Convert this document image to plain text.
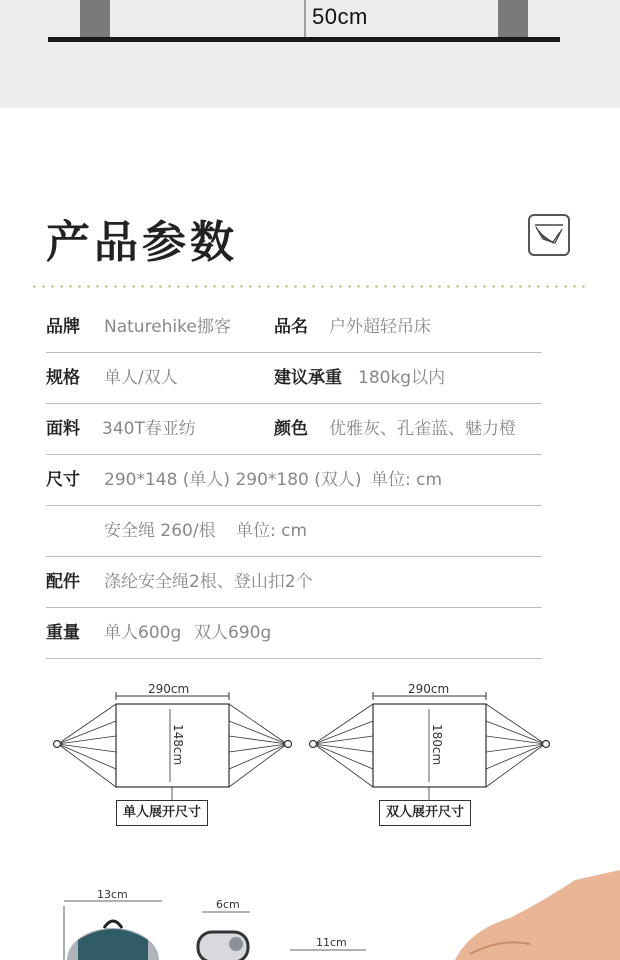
50cm
产品参数
品牌 Naturehike挪客	品名 户外超轻吊床
规格 单人/双人	建议承重 180kg以内
面料 340T春亚纺	颜色 优雅灰、孔雀蓝、魅力橙
尺寸 290*148 (单人) 290*180 (双人) 单位: cm
安全绳 260/根 单位: cm
配件 涤纶安全绳2根、登山扣2个
重量 单人600g 双人690g
290cm
148cm
290cm
180cm
单人展开尺寸	双人展开尺寸
13cm
6cm
11cm
